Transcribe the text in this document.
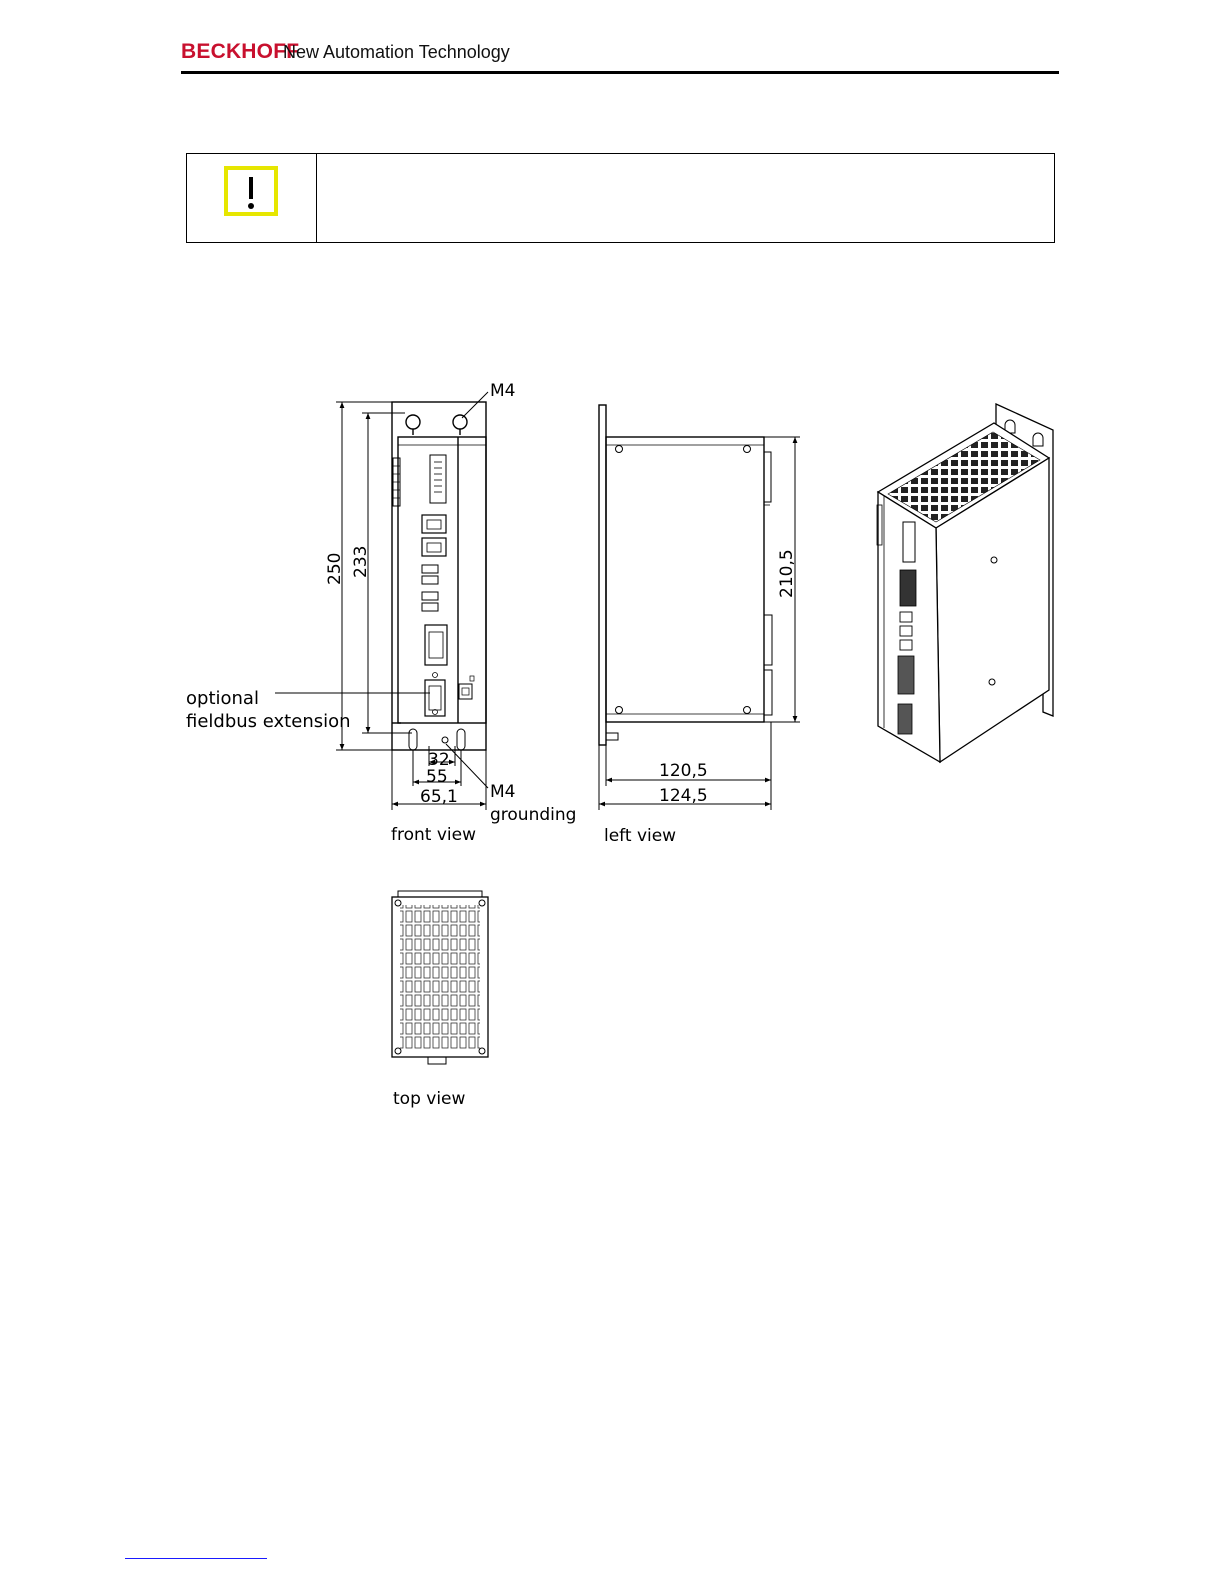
BECKHOFF
New Automation Technology
M4
optional
fieldbus extension
250 233
32
55
65,1 M4
grounding
front view
210,5
120,5
124,5
left view
top view
